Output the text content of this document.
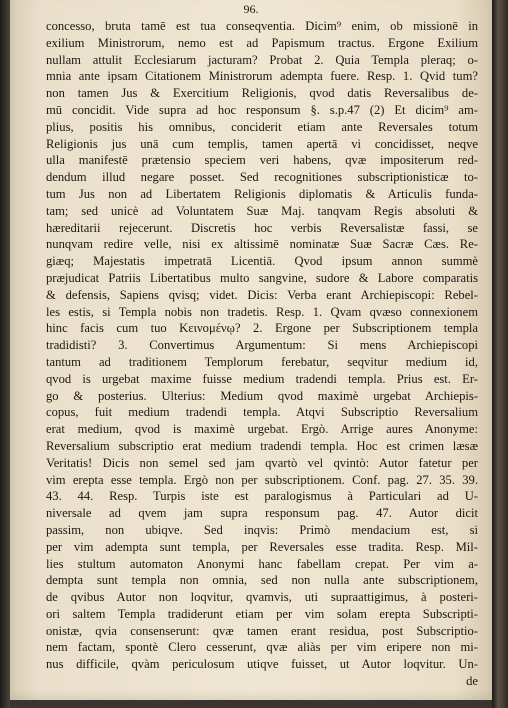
96.
concesso, bruta tamē est tua conseqventia. Dicim⁹ enim, ob missionē in
exilium Ministrorum, nemo est ad Papismum tractus. Ergone Exilium
nullam attulit Ecclesiarum jacturam? Probat 2. Quia Templa pleraq; o-
mnia ante ipsam Citationem Ministrorum adempta fuere. Resp. 1. Qvid tum?
non tamen Jus & Exercitium Religionis, qvod datis Reversalibus de-
mū concidit. Vide supra ad hoc responsum §. s.p.47 (2) Et dicim⁹ am-
plius, positis his omnibus, conciderit etiam ante Reversales totum
Religionis jus unā cum templis, tamen apertā vi concidisset, neqve
ulla manifestē prætensio speciem veri habens, qvæ impositerum red-
dendum illud negare posset. Sed recognitiones subscriptionisticæ to-
tum Jus non ad Libertatem Religionis diplomatis & Articulis funda-
tam; sed unicè ad Voluntatem Suæ Maj. tanqvam Regis absoluti &
hæreditarii rejecerunt. Discretis hoc verbis Reversalistæ fassi, se
nunqvam redire velle, nisi ex altissimē nominatæ Suæ Sacræ Cæs. Re-
giæq; Majestatis impetratā Licentiā. Qvod ipsum annon summè
præjudicat Patriis Libertatibus multo sangvine, sudore & Labore comparatis
& defensis, Sapiens qvisq; videt. Dicis: Verba erant Archiepiscopi: Rebel-
les estis, si Templa nobis non tradetis. Resp. 1. Qvam qvæso connexionem
hinc facis cum tuo Κεινομένῳ? 2. Ergone per Subscriptionem templa
tradidisti? 3. Convertimus Argumentum: Si mens Archiepiscopi
tantum ad traditionem Templorum ferebatur, seqvitur medium id,
qvod is urgebat maxime fuisse medium tradendi templa. Prius est. Er-
go & posterius. Ulterius: Medium qvod maximè urgebat Archiepis-
copus, fuit medium tradendi templa. Atqvi Subscriptio Reversalium
erat medium, qvod is maximè urgebat. Ergò. Arrige aures Anonyme:
Reversalium subscriptio erat medium tradendi templa. Hoc est crimen læsæ
Veritatis! Dicis non semel sed jam qvartò vel qvintò: Autor fatetur per
vim erepta esse templa. Ergò non per subscriptionem. Conf. pag. 27. 35. 39.
43. 44. Resp. Turpis iste est paralogismus à Particulari ad U-
niversale ad qvem jam supra responsum pag. 47. Autor dicit
passim, non ubiqve. Sed inqvis: Primò mendacium est, si
per vim adempta sunt templa, per Reversales esse tradita. Resp. Mil-
lies stultum automaton Anonymi hanc fabellam crepat. Per vim a-
dempta sunt templa non omnia, sed non nulla ante subscriptionem,
de qvibus Autor non loqvitur, qvamvis, uti supraattigimus, à posteri-
ori saltem Templa tradiderunt etiam per vim solam erepta Subscripti-
onistæ, qvia consenserunt: qvæ tamen erant residua, post Subscriptio-
nem factam, spontè Clero cesserunt, qvæ aliàs per vim eripere non mi-
nus difficile, qvàm periculosum utiqve fuisset, ut Autor loqvitur. Un-
de
